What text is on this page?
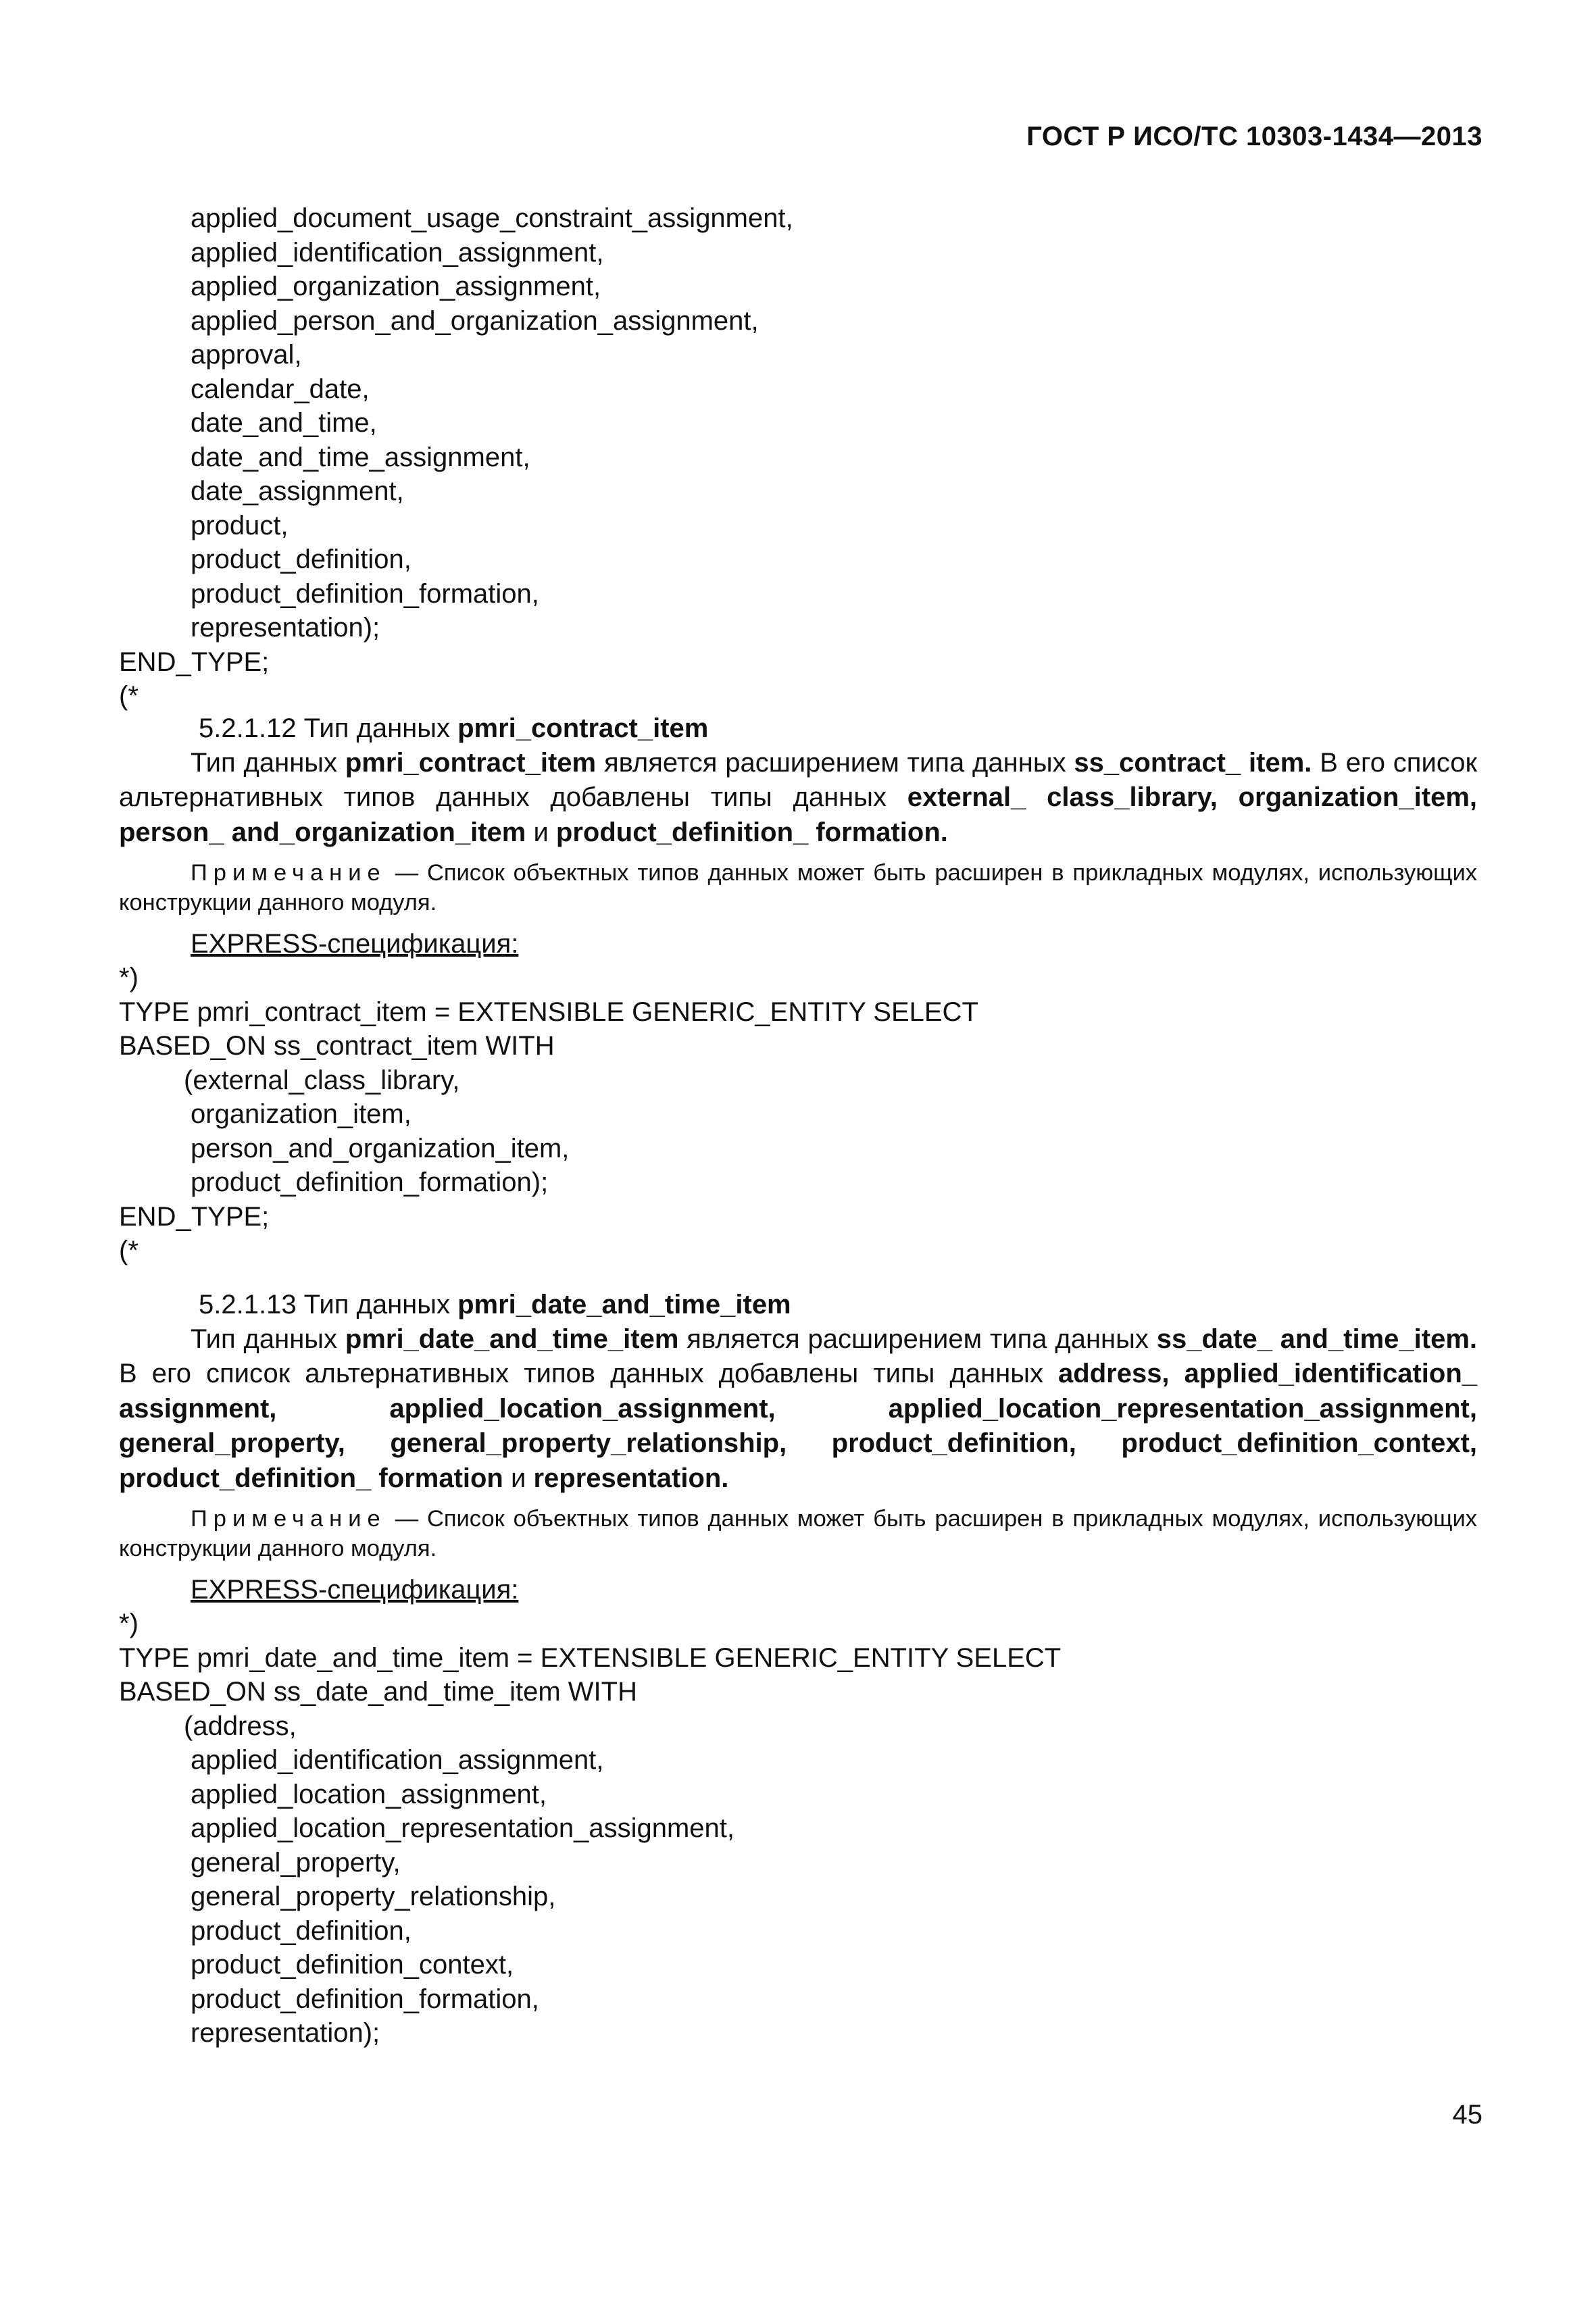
ГОСТ Р ИСО/ТС 10303-1434—2013
applied_document_usage_constraint_assignment,
applied_identification_assignment,
applied_organization_assignment,
applied_person_and_organization_assignment,
approval,
calendar_date,
date_and_time,
date_and_time_assignment,
date_assignment,
product,
product_definition,
product_definition_formation,
representation);
END_TYPE;
(*
5.2.1.12 Тип данных pmri_contract_item
Тип данных pmri_contract_item является расширением типа данных ss_contract_ item. В его список альтернативных типов данных добавлены типы данных external_ class_library, organization_item, person_ and_organization_item и product_definition_ formation.
Примечание — Список объектных типов данных может быть расширен в прикладных модулях, использующих конструкции данного модуля.
EXPRESS-спецификация:
*)
TYPE pmri_contract_item = EXTENSIBLE GENERIC_ENTITY SELECT
BASED_ON ss_contract_item WITH
(external_class_library,
organization_item,
person_and_organization_item,
product_definition_formation);
END_TYPE;
(*
5.2.1.13 Тип данных pmri_date_and_time_item
Тип данных pmri_date_and_time_item является расширением типа данных ss_date_ and_time_item. В его список альтернативных типов данных добавлены типы данных address, applied_identification_ assignment, applied_location_assignment, applied_location_representation_assignment, general_property, general_property_relationship, product_definition, product_definition_context, product_definition_ formation и representation.
Примечание — Список объектных типов данных может быть расширен в прикладных модулях, использующих конструкции данного модуля.
EXPRESS-спецификация:
*)
TYPE pmri_date_and_time_item = EXTENSIBLE GENERIC_ENTITY SELECT
BASED_ON ss_date_and_time_item WITH
(address,
applied_identification_assignment,
applied_location_assignment,
applied_location_representation_assignment,
general_property,
general_property_relationship,
product_definition,
product_definition_context,
product_definition_formation,
representation);
45
